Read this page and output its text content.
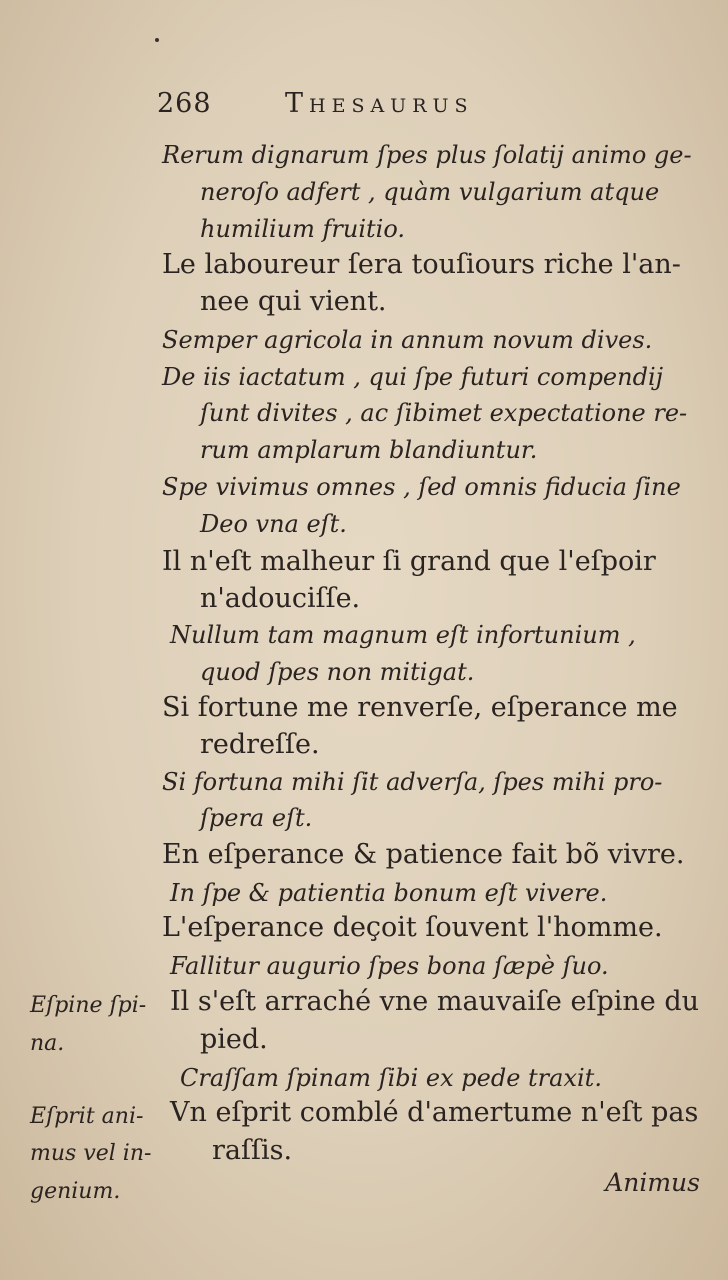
268	Thesaurus
Rerum dignarum ſpes plus ſolatij animo ge-
neroſo adfert , quàm vulgarium atque
humilium fruitio.
Le laboureur ſera touſiours riche l'an-
nee qui vient.
Semper agricola in annum novum dives.
De iis iactatum , qui ſpe futuri compendij
ſunt divites , ac ſibimet expectatione re-
rum amplarum blandiuntur.
Spe vivimus omnes , ſed omnis fiducia ſine
Deo vna eſt.
Il n'eſt malheur ſi grand que l'eſpoir
n'adouciſſe.
Nullum tam magnum eſt infortunium ,
quod ſpes non mitigat.
Si fortune me renverſe, eſperance me
redreſſe.
Si fortuna mihi ſit adverſa, ſpes mihi pro-
ſpera eſt.
En eſperance & patience fait bõ vivre.
In ſpe & patientia bonum eſt vivere.
L'eſperance deçoit ſouvent l'homme.
Fallitur augurio ſpes bona ſæpè ſuo.
Il s'eſt arraché vne mauvaiſe eſpine du
pied.
Craſſam ſpinam ſibi ex pede traxit.
Vn eſprit comblé d'amertume n'eſt pas
raſſis.
Eſpine ſpi-
na.
Eſprit ani-
mus vel in-
genium.	Animus
